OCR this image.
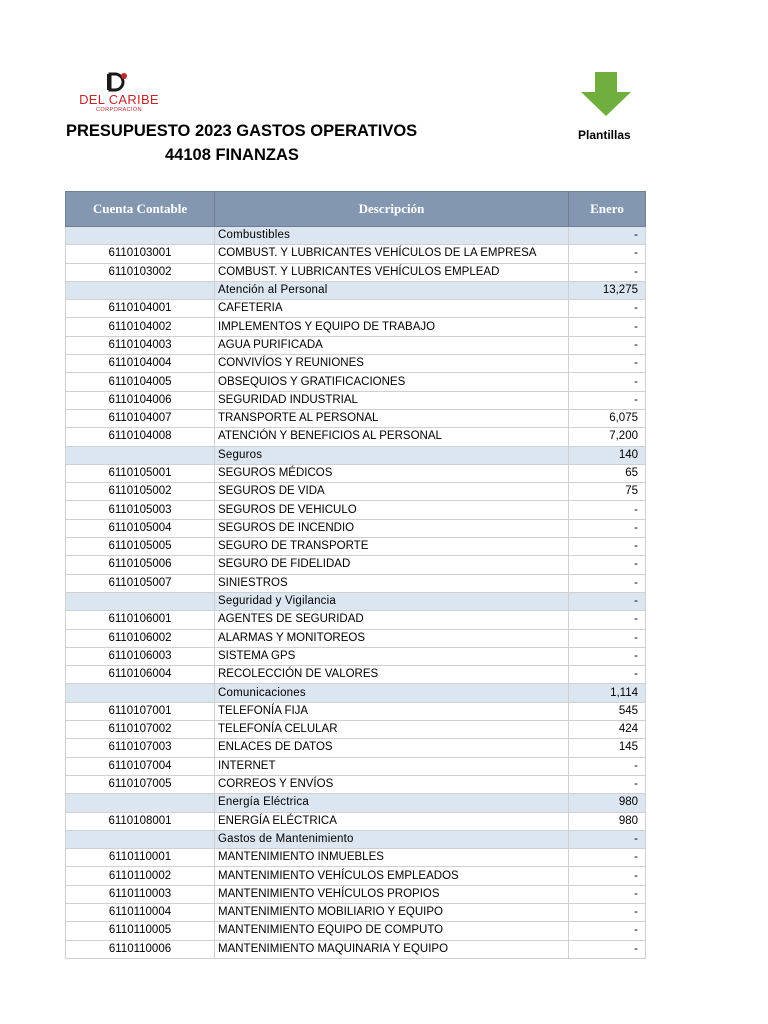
DEL CARIBE
CORPORACIÓN
PRESUPUESTO 2023 GASTOS OPERATIVOS
44108 FINANZAS
Plantillas
Cuenta Contable	Descripción	Enero
	Combustibles	-
6110103001	COMBUST. Y LUBRICANTES VEHÍCULOS DE LA EMPRESA	-
6110103002	COMBUST. Y LUBRICANTES VEHÍCULOS EMPLEAD	-
	Atención al Personal	13,275
6110104001	CAFETERIA	-
6110104002	IMPLEMENTOS Y EQUIPO DE TRABAJO	-
6110104003	AGUA PURIFICADA	-
6110104004	CONVIVÍOS Y REUNIONES	-
6110104005	OBSEQUIOS Y GRATIFICACIONES	-
6110104006	SEGURIDAD INDUSTRIAL	-
6110104007	TRANSPORTE AL PERSONAL	6,075
6110104008	ATENCIÓN Y BENEFICIOS AL PERSONAL	7,200
	Seguros	140
6110105001	SEGUROS MÉDICOS	65
6110105002	SEGUROS DE VIDA	75
6110105003	SEGUROS DE VEHICULO	-
6110105004	SEGUROS DE INCENDIO	-
6110105005	SEGURO DE TRANSPORTE	-
6110105006	SEGURO DE FIDELIDAD	-
6110105007	SINIESTROS	-
	Seguridad y Vigilancia	-
6110106001	AGENTES DE SEGURIDAD	-
6110106002	ALARMAS Y MONITOREOS	-
6110106003	SISTEMA GPS	-
6110106004	RECOLECCIÓN DE VALORES	-
	Comunicaciones	1,114
6110107001	TELEFONÍA FIJA	545
6110107002	TELEFONÍA CELULAR	424
6110107003	ENLACES DE DATOS	145
6110107004	INTERNET	-
6110107005	CORREOS Y ENVÍOS	-
	Energía Eléctrica	980
6110108001	ENERGÍA ELÉCTRICA	980
	Gastos de Mantenimiento	-
6110110001	MANTENIMIENTO INMUEBLES	-
6110110002	MANTENIMIENTO VEHÍCULOS EMPLEADOS	-
6110110003	MANTENIMIENTO VEHÍCULOS PROPIOS	-
6110110004	MANTENIMIENTO MOBILIARIO Y EQUIPO	-
6110110005	MANTENIMIENTO EQUIPO DE COMPUTO	-
6110110006	MANTENIMIENTO MAQUINARIA Y EQUIPO	-
